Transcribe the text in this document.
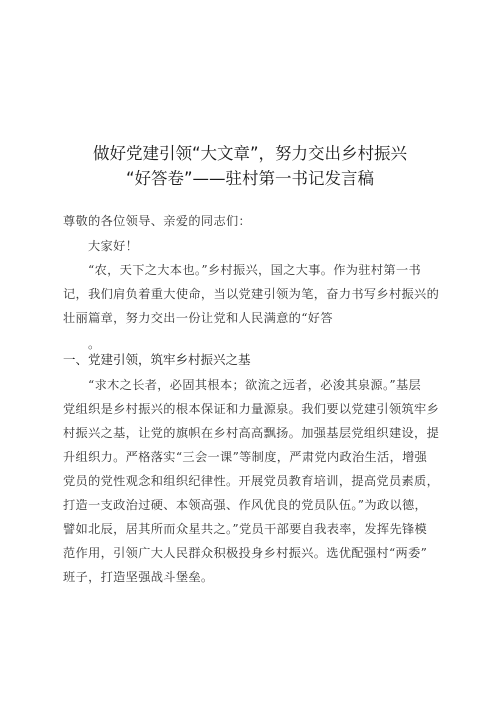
做好党建引领“大文章”，努力交出乡村振兴
“好答卷”——驻村第一书记发言稿
尊敬的各位领导、亲爱的同志们：
大家好！
“农，天下之大本也。”乡村振兴，国之大事。作为驻村第一书
记，我们肩负着重大使命，当以党建引领为笔，奋力书写乡村振兴的
壮丽篇章，努力交出一份让党和人民满意的“好答
。
一、党建引领，筑牢乡村振兴之基
“求木之长者，必固其根本；欲流之远者，必浚其泉源。”基层
党组织是乡村振兴的根本保证和力量源泉。我们要以党建引领筑牢乡
村振兴之基，让党的旗帜在乡村高高飘扬。加强基层党组织建设，提
升组织力。严格落实“三会一课”等制度，严肃党内政治生活，增强
党员的党性观念和组织纪律性。开展党员教育培训，提高党员素质，
打造一支政治过硬、本领高强、作风优良的党员队伍。”为政以德，
譬如北辰，居其所而众星共之。”党员干部要自我表率，发挥先锋模
范作用，引领广大人民群众积极投身乡村振兴。选优配强村“两委”
班子，打造坚强战斗堡垒。
